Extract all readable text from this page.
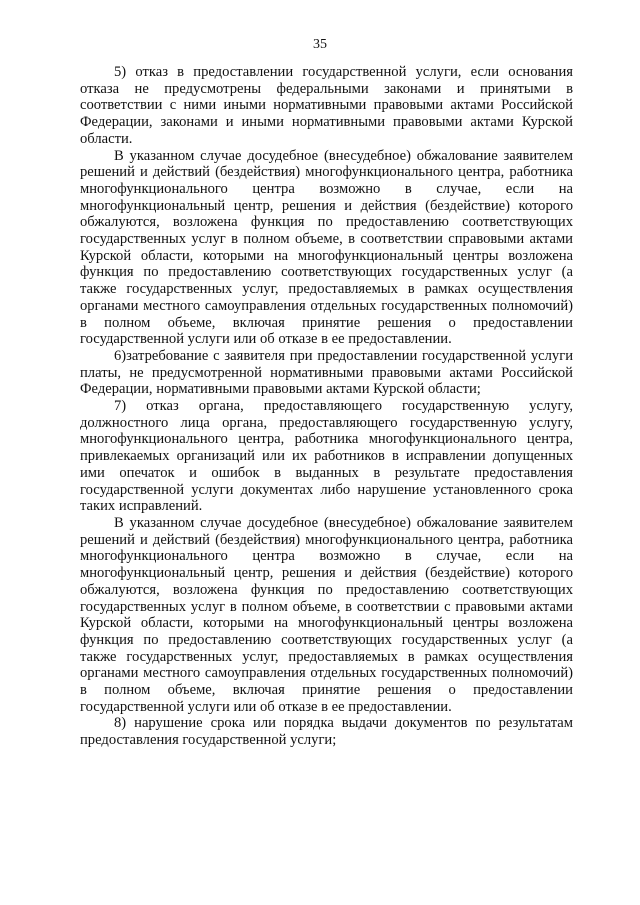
35

5) отказ в предоставлении государственной услуги, если основания отказа не предусмотрены федеральными законами и принятыми в соответствии с ними иными нормативными правовыми актами Российской Федерации, законами и иными нормативными правовыми актами Курской области.

В указанном случае досудебное (внесудебное) обжалование заявителем решений и действий (бездействия) многофункционального центра, работника многофункционального центра возможно в случае, если на многофункциональный центр, решения и действия (бездействие) которого обжалуются, возложена функция по предоставлению соответствующих государственных услуг в полном объеме, в соответствии справовыми актами Курской области, которыми на многофункциональный центры возложена функция по предоставлению соответствующих государственных услуг (а также государственных услуг, предоставляемых в рамках осуществления органами местного самоуправления отдельных государственных полномочий) в полном объеме, включая принятие решения о предоставлении государственной услуги или об отказе в ее предоставлении.

6)затребование с заявителя при предоставлении государственной услуги платы, не предусмотренной нормативными правовыми актами Российской Федерации, нормативными правовыми актами Курской области;

7) отказ органа, предоставляющего государственную услугу, должностного лица органа, предоставляющего государственную услугу, многофункционального центра, работника многофункционального центра, привлекаемых организаций или их работников в исправлении допущенных ими опечаток и ошибок в выданных в результате предоставления государственной услуги документах либо нарушение установленного срока таких исправлений.

В указанном случае досудебное (внесудебное) обжалование заявителем решений и действий (бездействия) многофункционального центра, работника многофункционального центра возможно в случае, если на многофункциональный центр, решения и действия (бездействие) которого обжалуются, возложена функция по предоставлению соответствующих государственных услуг в полном объеме, в соответствии с правовыми актами Курской области, которыми на многофункциональный центры возложена функция по предоставлению соответствующих государственных услуг (а также государственных услуг, предоставляемых в рамках осуществления органами местного самоуправления отдельных государственных полномочий) в полном объеме, включая принятие решения о предоставлении государственной услуги или об отказе в ее предоставлении.

8) нарушение срока или порядка выдачи документов по результатам предоставления государственной услуги;
